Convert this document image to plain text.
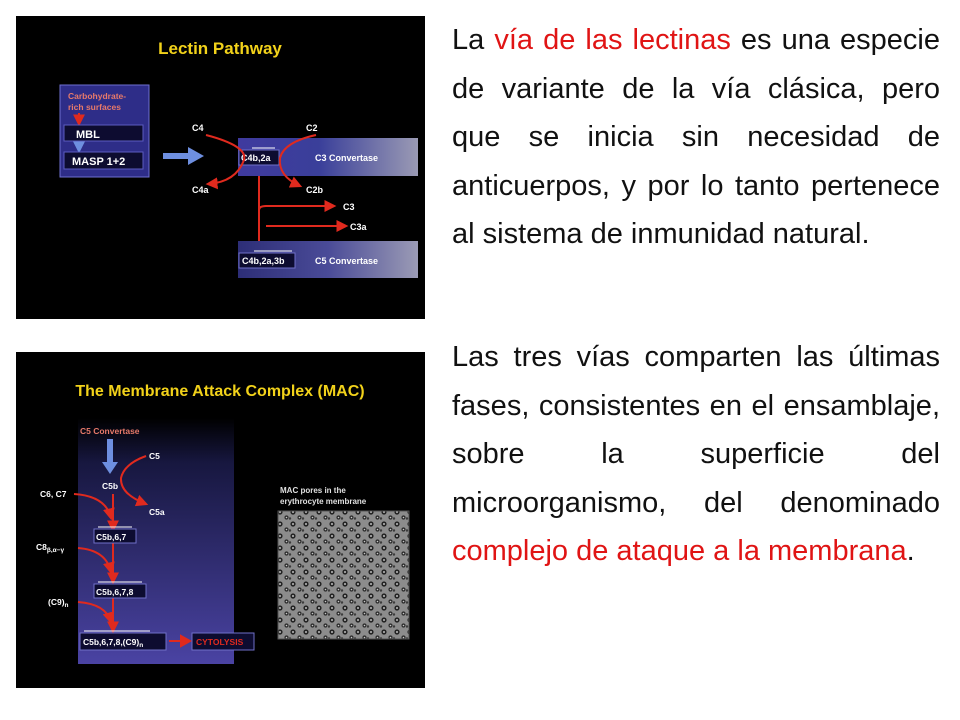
Lectin Pathway
Carbohydrate-
rich surfaces
MBL
MASP 1+2	C4b,2a	C3 Convertase
C4	C2
C4a	C2b
C3
C3a
C4b,2a,3b	C5 Convertase
The Membrane Attack Complex (MAC)
C5 Convertase
C5
C5b
C5a
C6, C7
$C8_{\beta,\alpha-\gamma}$
$(C9)_n$
C5b,6,7
C5b,6,7,8
$C5b,6,7,8,(C9)_n$	CYTOLYSIS
MAC pores in the
erythrocyte membrane

La vía de las lectinas es una especie de variante de la vía clásica, pero que se inicia sin necesidad de anticuerpos, y por lo tanto pertenece al sistema de inmunidad natural.

Las tres vías comparten las últimas fases, consistentes en el ensamblaje, sobre la superficie del microorganismo, del denominado complejo de ataque a la membrana.
